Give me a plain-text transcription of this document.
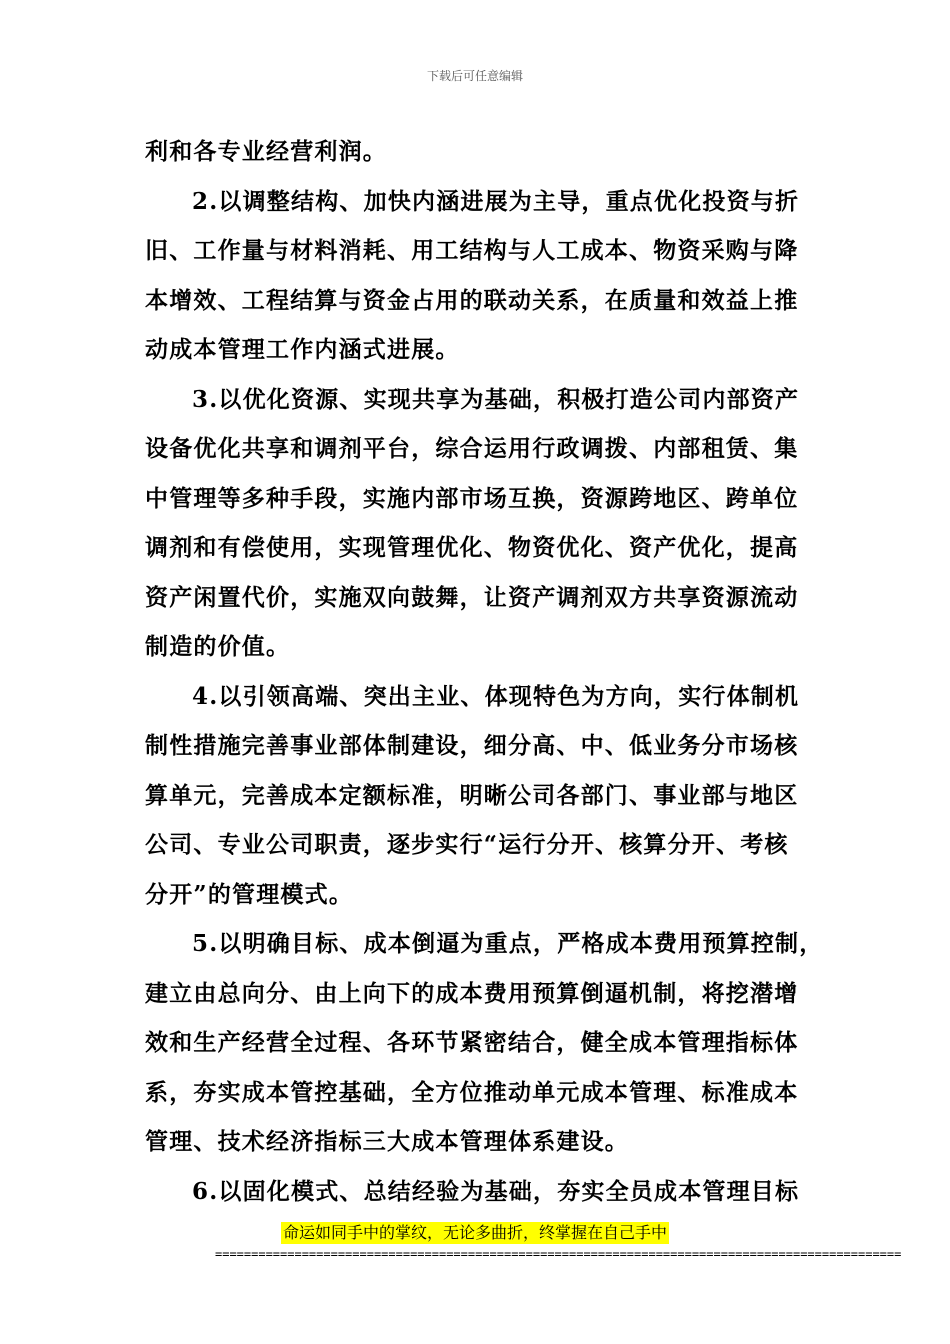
下载后可任意编辑
利和各专业经营利润。
2.以调整结构、加快内涵进展为主导，重点优化投资与折
旧、工作量与材料消耗、用工结构与人工成本、物资采购与降
本增效、工程结算与资金占用的联动关系，在质量和效益上推
动成本管理工作内涵式进展。
3.以优化资源、实现共享为基础，积极打造公司内部资产
设备优化共享和调剂平台，综合运用行政调拨、内部租赁、集
中管理等多种手段，实施内部市场互换，资源跨地区、跨单位
调剂和有偿使用，实现管理优化、物资优化、资产优化，提高
资产闲置代价，实施双向鼓舞，让资产调剂双方共享资源流动
制造的价值。
4.以引领高端、突出主业、体现特色为方向，实行体制机
制性措施完善事业部体制建设，细分高、中、低业务分市场核
算单元，完善成本定额标准，明晰公司各部门、事业部与地区
公司、专业公司职责，逐步实行“运行分开、核算分开、考核
分开”的管理模式。
5.以明确目标、成本倒逼为重点，严格成本费用预算控制，
建立由总向分、由上向下的成本费用预算倒逼机制，将挖潜增
效和生产经营全过程、各环节紧密结合，健全成本管理指标体
系，夯实成本管控基础，全方位推动单元成本管理、标准成本
管理、技术经济指标三大成本管理体系建设。
6.以固化模式、总结经验为基础，夯实全员成本管理目标
命运如同手中的掌纹，无论多曲折，终掌握在自己手中
===============================================================================================
